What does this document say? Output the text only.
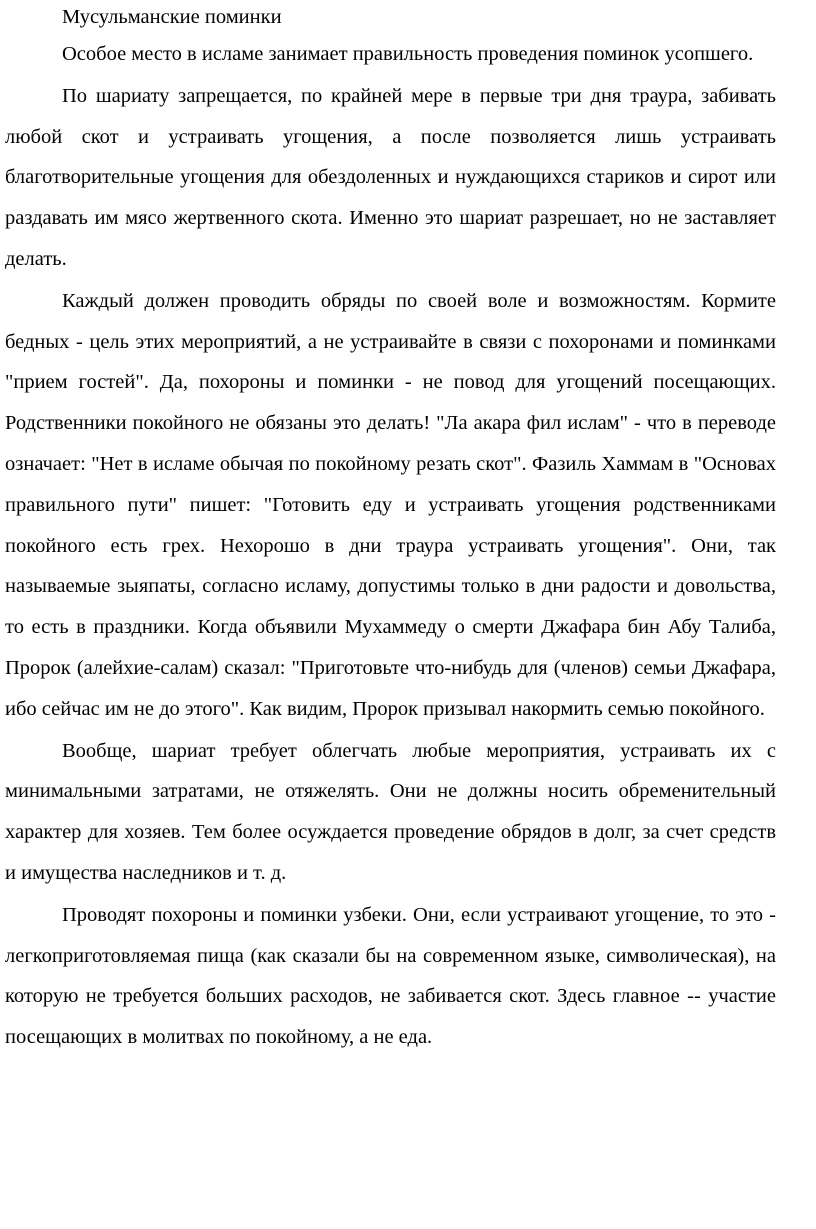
Мусульманские поминки

Особое место в исламе занимает правильность проведения поминок усопшего.

По шариату запрещается, по крайней мере в первые три дня траура, забивать любой скот и устраивать угощения, а после позволяется лишь устраивать благотворительные угощения для обездоленных и нуждающихся стариков и сирот или раздавать им мясо жертвенного скота. Именно это шариат разрешает, но не заставляет делать.

Каждый должен проводить обряды по своей воле и возможностям. Кормите бедных - цель этих мероприятий, а не устраивайте в связи с похоронами и поминками "прием гостей". Да, похороны и поминки - не повод для угощений посещающих. Родственники покойного не обязаны это делать! "Ла акара фил ислам" - что в переводе означает: "Нет в исламе обычая по покойному резать скот". Фазиль Хаммам в "Основах правильного пути" пишет: "Готовить еду и устраивать угощения родственниками покойного есть грех. Нехорошо в дни траура устраивать угощения". Они, так называемые зыяпаты, согласно исламу, допустимы только в дни радости и довольства, то есть в праздники. Когда объявили Мухаммеду о смерти Джафара бин Абу Талиба, Пророк (алейхие-салам) сказал: "Приготовьте что-нибудь для (членов) семьи Джафара, ибо сейчас им не до этого". Как видим, Пророк призывал накормить семью покойного.

Вообще, шариат требует облегчать любые мероприятия, устраивать их с минимальными затратами, не отяжелять. Они не должны носить обременительный характер для хозяев. Тем более осуждается проведение обрядов в долг, за счет средств и имущества наследников и т. д.

Проводят похороны и поминки узбеки. Они, если устраивают угощение, то это - легкоприготовляемая пища (как сказали бы на современном языке, символическая), на которую не требуется больших расходов, не забивается скот. Здесь главное -- участие посещающих в молитвах по покойному, а не еда.
